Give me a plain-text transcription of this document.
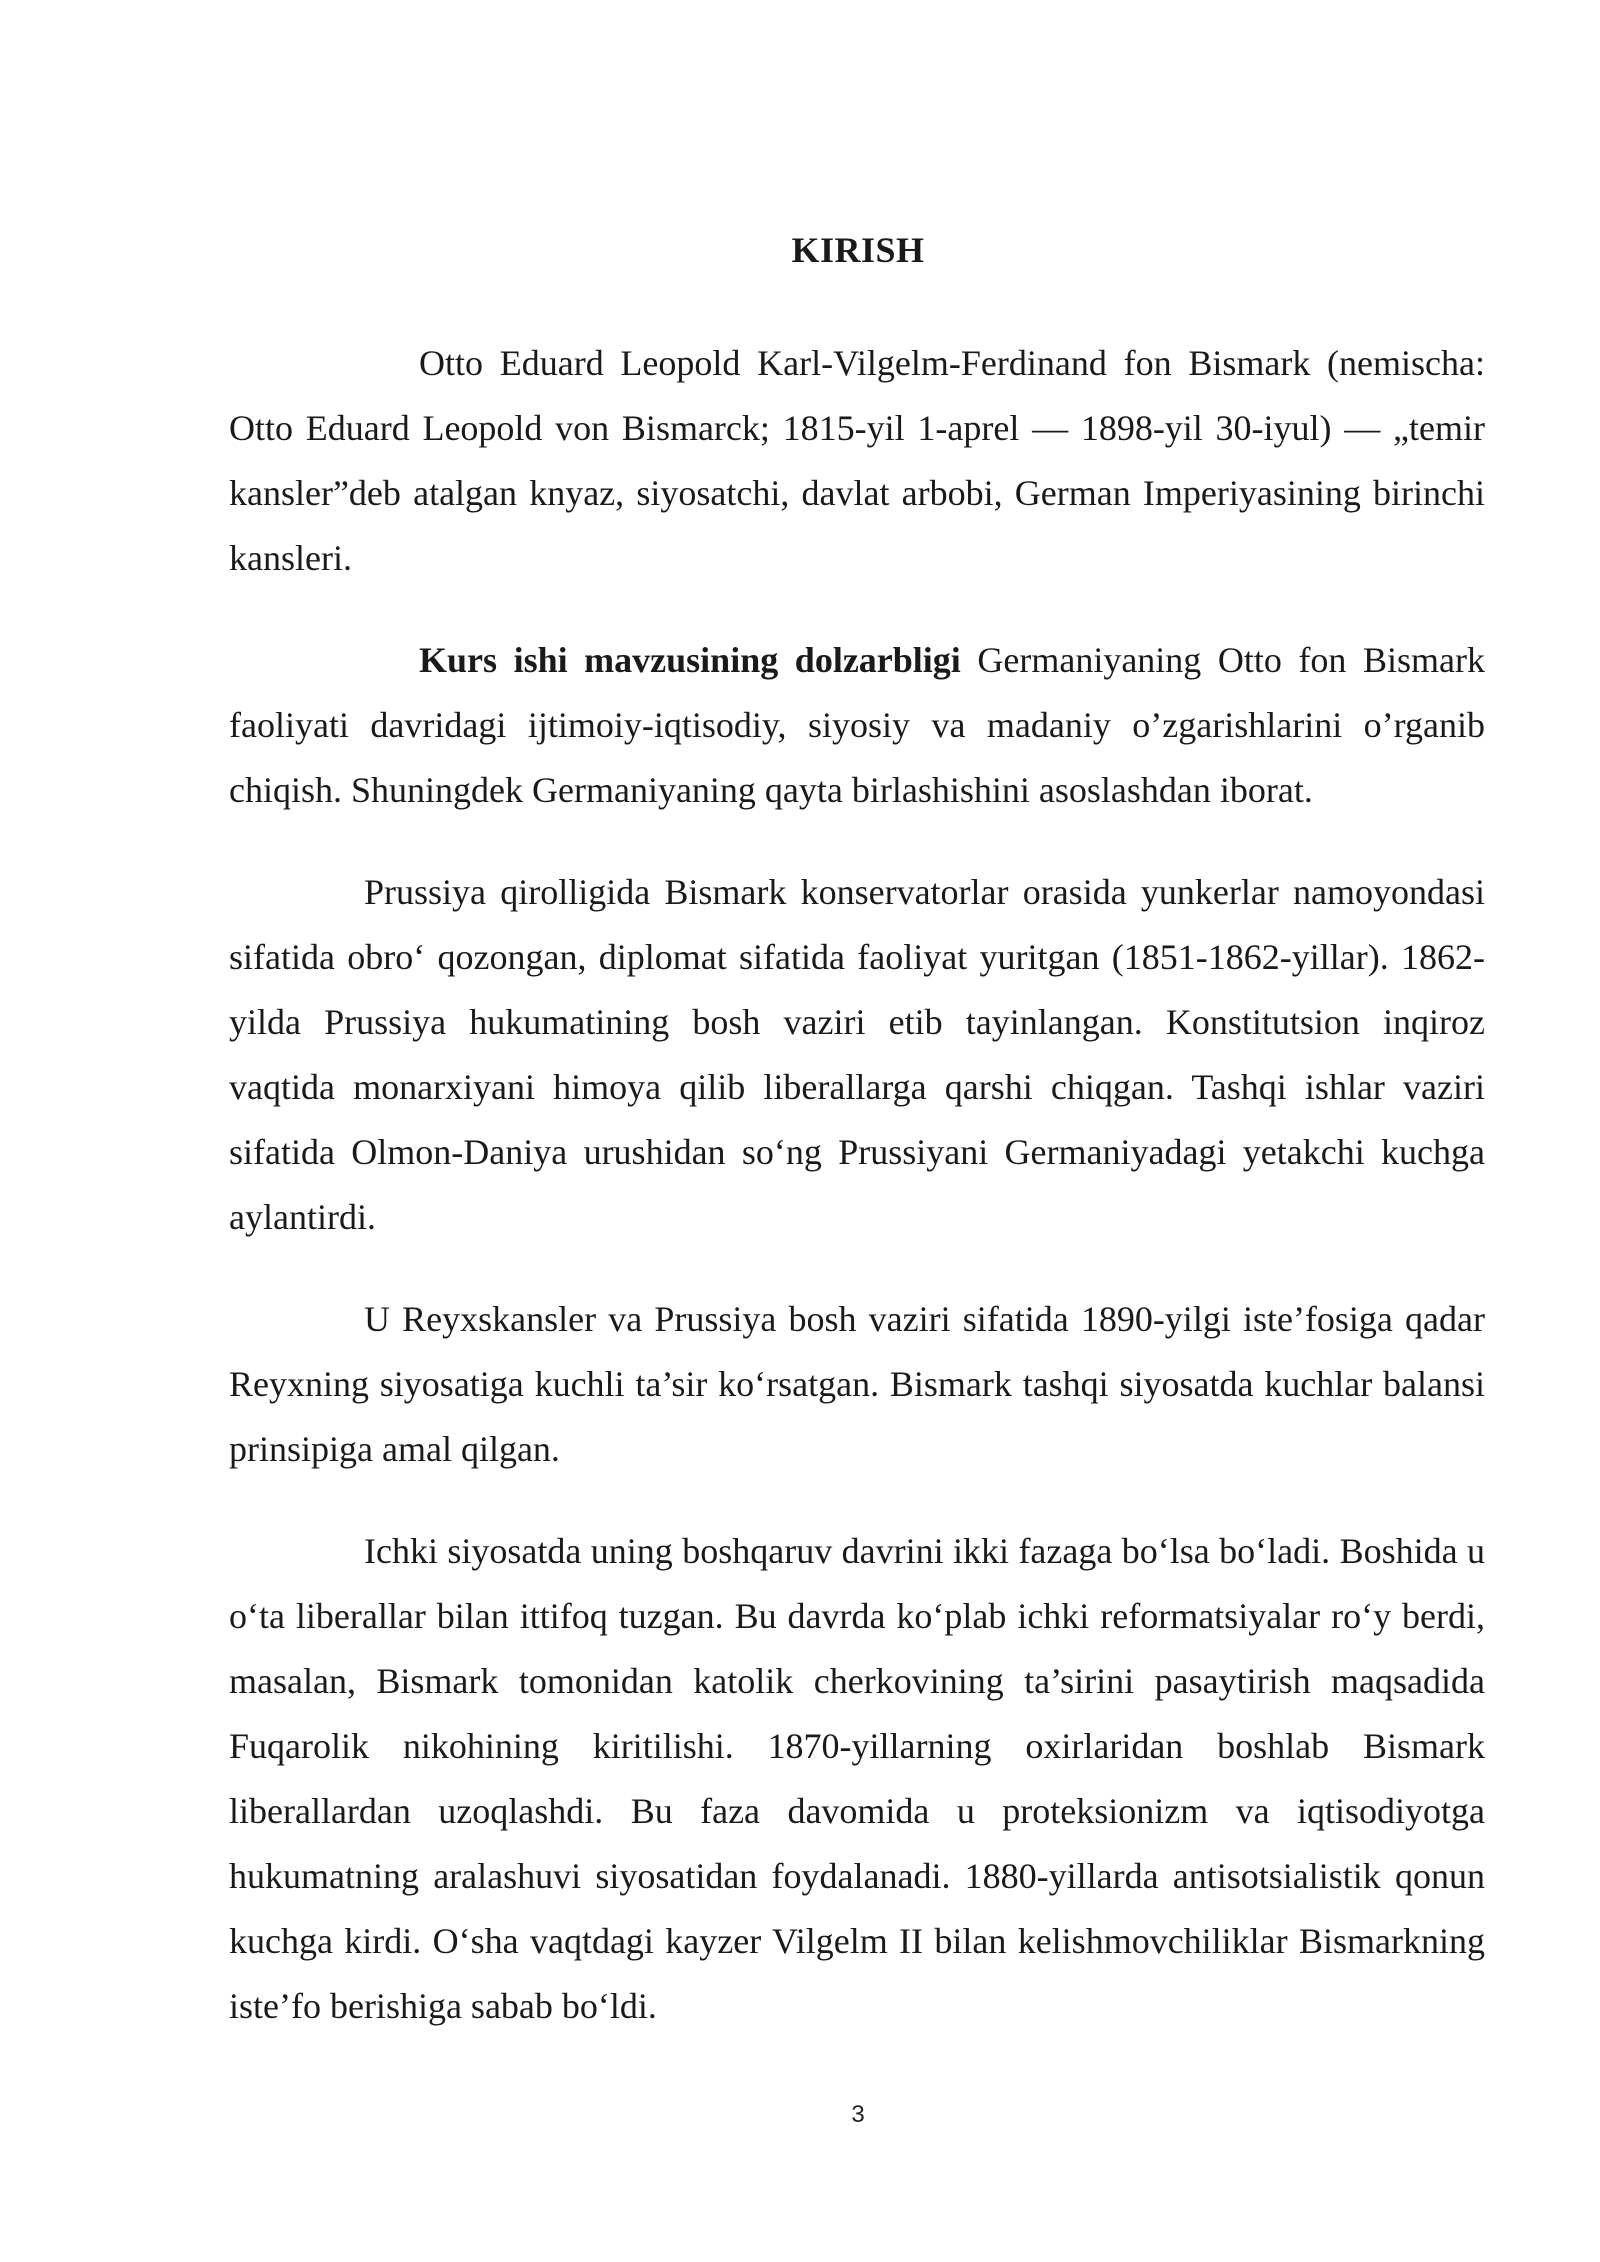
KIRISH

Otto Eduard Leopold Karl-Vilgelm-Ferdinand fon Bismark (nemischa: Otto Eduard Leopold von Bismarck; 1815-yil 1-aprel — 1898-yil 30-iyul) — „temir kansler”deb atalgan knyaz, siyosatchi, davlat arbobi, German Imperiyasining birinchi kansleri.

Kurs ishi mavzusining dolzarbligi Germaniyaning Otto fon Bismark faoliyati davridagi ijtimoiy-iqtisodiy, siyosiy va madaniy o’zgarishlarini o’rganib chiqish. Shuningdek Germaniyaning qayta birlashishini asoslashdan iborat.

Prussiya qirolligida Bismark konservatorlar orasida yunkerlar namoyondasi sifatida obroʻ qozongan, diplomat sifatida faoliyat yuritgan (1851-1862-yillar). 1862-yilda Prussiya hukumatining bosh vaziri etib tayinlangan. Konstitutsion inqiroz vaqtida monarxiyani himoya qilib liberallarga qarshi chiqgan. Tashqi ishlar vaziri sifatida Olmon-Daniya urushidan soʻng Prussiyani Germaniyadagi yetakchi kuchga aylantirdi.

U Reyxskansler va Prussiya bosh vaziri sifatida 1890-yilgi iste’fosiga qadar Reyxning siyosatiga kuchli ta’sir koʻrsatgan. Bismark tashqi siyosatda kuchlar balansi prinsipiga amal qilgan.

Ichki siyosatda uning boshqaruv davrini ikki fazaga boʻlsa boʻladi. Boshida u oʻta liberallar bilan ittifoq tuzgan. Bu davrda koʻplab ichki reformatsiyalar roʻy berdi, masalan, Bismark tomonidan katolik cherkovining ta’sirini pasaytirish maqsadida Fuqarolik nikohining kiritilishi. 1870-yillarning oxirlaridan boshlab Bismark liberallardan uzoqlashdi. Bu faza davomida u proteksionizm va iqtisodiyotga hukumatning aralashuvi siyosatidan foydalanadi. 1880-yillarda antisotsialistik qonun kuchga kirdi. Oʻsha vaqtdagi kayzer Vilgelm II bilan kelishmovchiliklar Bismarkning iste’fo berishiga sabab boʻldi.

3
